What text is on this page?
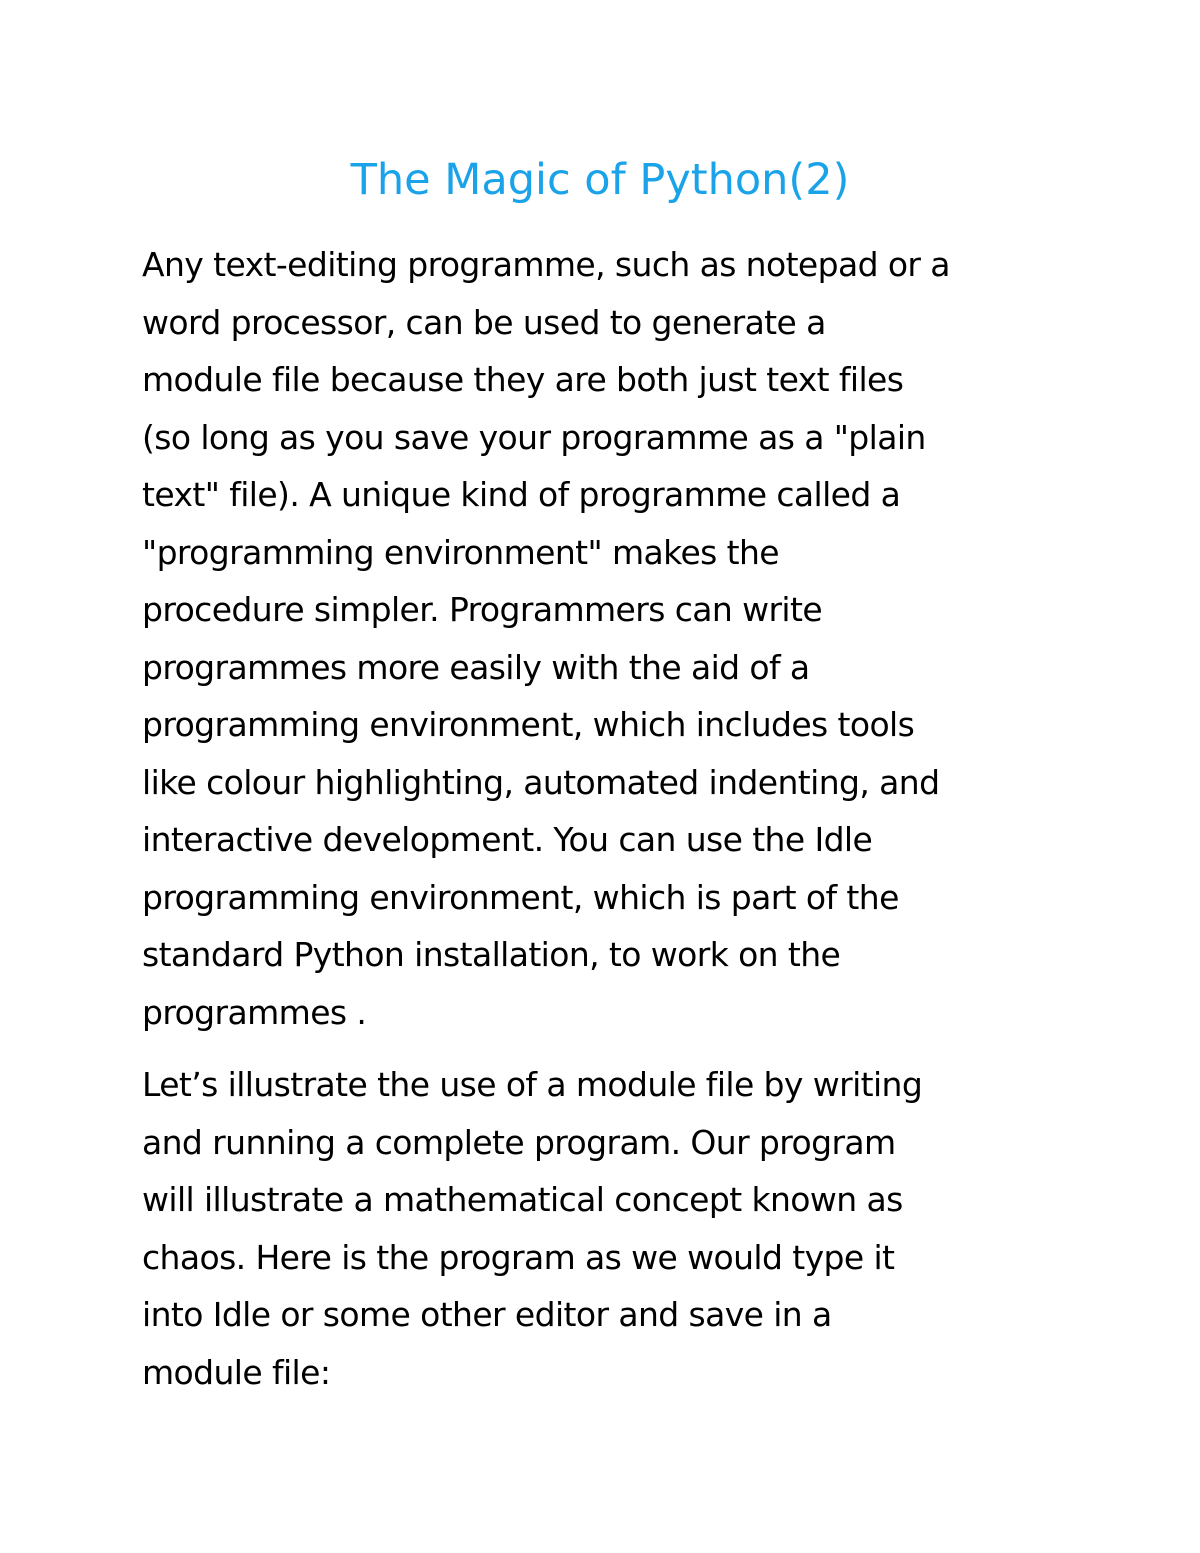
The Magic of Python(2)
Any text-editing programme, such as notepad or a
word processor, can be used to generate a
module file because they are both just text files
(so long as you save your programme as a "plain
text" file). A unique kind of programme called a
"programming environment" makes the
procedure simpler. Programmers can write
programmes more easily with the aid of a
programming environment, which includes tools
like colour highlighting, automated indenting, and
interactive development. You can use the Idle
programming environment, which is part of the
standard Python installation, to work on the
programmes .
Let’s illustrate the use of a module file by writing
and running a complete program. Our program
will illustrate a mathematical concept known as
chaos. Here is the program as we would type it
into Idle or some other editor and save in a
module file:
